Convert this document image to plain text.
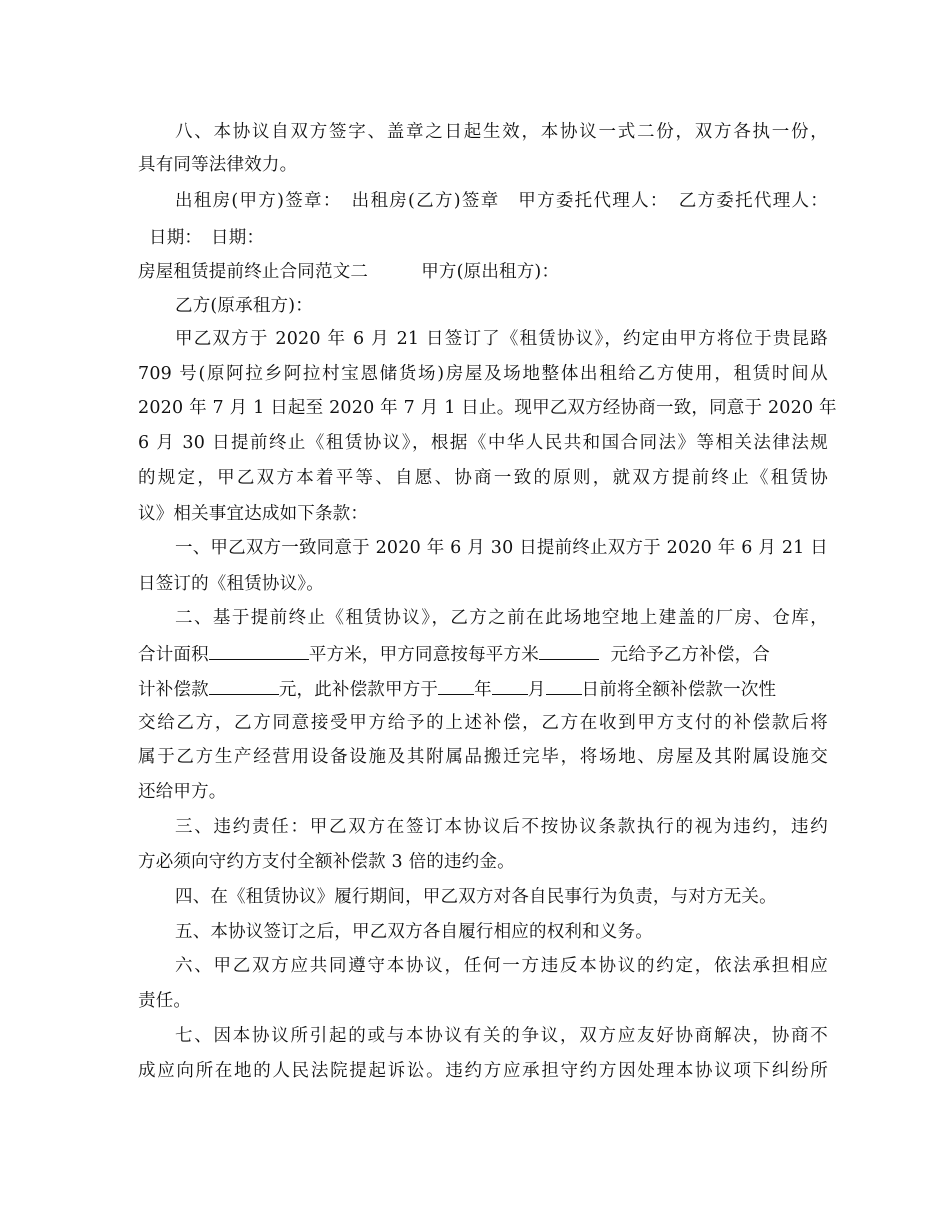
八、本协议自双方签字、盖章之日起生效，本协议一式二份，双方各执一份，
具有同等法律效力。
出租房(甲方)签章：　出租房(乙方)签章　甲方委托代理人：　乙方委托代理人：
日期：　日期：
房屋租赁提前终止合同范文二　　　甲方(原出租方)：
乙方(原承租方)：
甲乙双方于 2020 年 6 月 21 日签订了《租赁协议》，约定由甲方将位于贵昆路
709 号(原阿拉乡阿拉村宝恩储货场)房屋及场地整体出租给乙方使用，租赁时间从
2020 年 7 月 1 日起至 2020 年 7 月 1 日止。现甲乙双方经协商一致，同意于 2020 年
6 月 30 日提前终止《租赁协议》，根据《中华人民共和国合同法》等相关法律法规
的规定，甲乙双方本着平等、自愿、协商一致的原则，就双方提前终止《租赁协
议》相关事宜达成如下条款：
一、甲乙双方一致同意于 2020 年 6 月 30 日提前终止双方于 2020 年 6 月 21 日
日签订的《租赁协议》。
二、基于提前终止《租赁协议》，乙方之前在此场地空地上建盖的厂房、仓库，
合计面积	平方米，甲方同意按每平方米	元给予乙方补偿，合
计补偿款	元，此补偿款甲方于 年 月 日前将全额补偿款一次性
交给乙方，乙方同意接受甲方给予的上述补偿，乙方在收到甲方支付的补偿款后将
属于乙方生产经营用设备设施及其附属品搬迁完毕，将场地、房屋及其附属设施交
还给甲方。
三、违约责任：甲乙双方在签订本协议后不按协议条款执行的视为违约，违约
方必须向守约方支付全额补偿款 3 倍的违约金。
四、在《租赁协议》履行期间，甲乙双方对各自民事行为负责，与对方无关。
五、本协议签订之后，甲乙双方各自履行相应的权利和义务。
六、甲乙双方应共同遵守本协议，任何一方违反本协议的约定，依法承担相应
责任。
七、因本协议所引起的或与本协议有关的争议，双方应友好协商解决，协商不
成应向所在地的人民法院提起诉讼。违约方应承担守约方因处理本协议项下纠纷所
